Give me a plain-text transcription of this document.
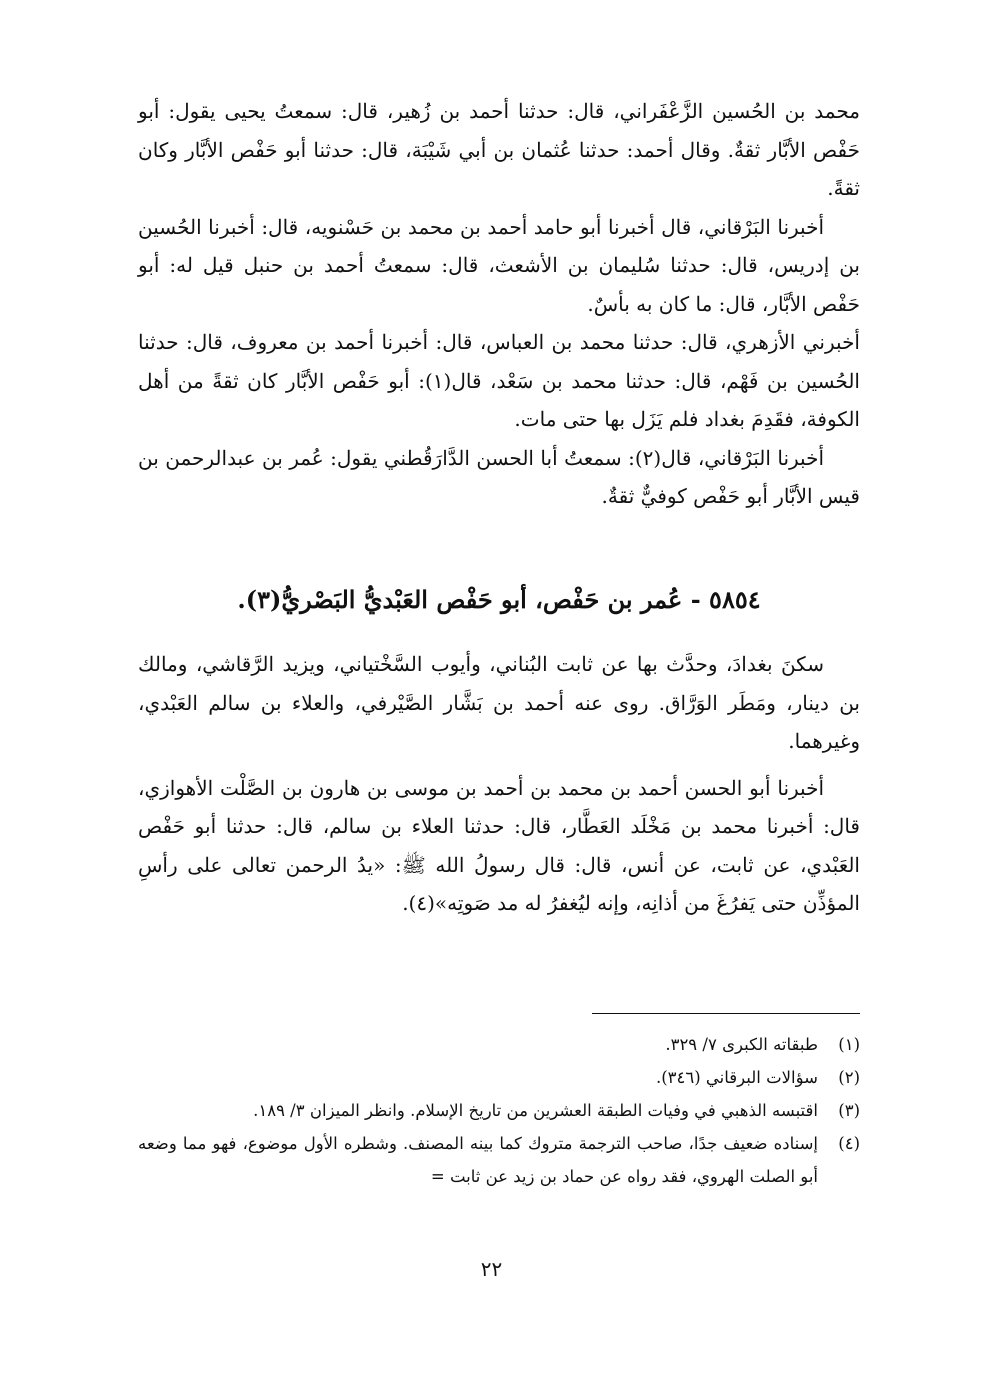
محمد بن الحُسين الزَّعْفَراني، قال: حدثنا أحمد بن زُهير، قال: سمعتُ يحيى يقول: أبو حَفْص الأبَّار ثقةٌ. وقال أحمد: حدثنا عُثمان بن أبي شَيْبَة، قال: حدثنا أبو حَفْص الأبَّار وكان ثقةً.

أخبرنا البَرْقاني، قال أخبرنا أبو حامد أحمد بن محمد بن حَسْنويه، قال: أخبرنا الحُسين بن إدريس، قال: حدثنا سُليمان بن الأشعث، قال: سمعتُ أحمد بن حنبل قيل له: أبو حَفْص الأبَّار، قال: ما كان به بأسٌ.

أخبرني الأزهري، قال: حدثنا محمد بن العباس، قال: أخبرنا أحمد بن معروف، قال: حدثنا الحُسين بن فَهْم، قال: حدثنا محمد بن سَعْد، قال(١): أبو حَفْص الأبَّار كان ثقةً من أهل الكوفة، فقَدِمَ بغداد فلم يَزَل بها حتى مات.

أخبرنا البَرْقاني، قال(٢): سمعتُ أبا الحسن الدَّارَقُطني يقول: عُمر بن عبدالرحمن بن قيس الأبَّار أبو حَفْص كوفيٌّ ثقةٌ.

٥٨٥٤ - عُمر بن حَفْص، أبو حَفْص العَبْديُّ البَصْريُّ(٣).

سكنَ بغدادَ، وحدَّث بها عن ثابت البُناني، وأيوب السَّخْتياني، ويزيد الرَّقاشي، ومالك بن دينار، ومَطَر الوَرَّاق. روى عنه أحمد بن بَشَّار الصَّيْرفي، والعلاء بن سالم العَبْدي، وغيرهما.

أخبرنا أبو الحسن أحمد بن محمد بن أحمد بن موسى بن هارون بن الصَّلْت الأهوازي، قال: أخبرنا محمد بن مَخْلَد العَطَّار، قال: حدثنا العلاء بن سالم، قال: حدثنا أبو حَفْص العَبْدي، عن ثابت، عن أنس، قال: قال رسولُ الله ﷺ: «يدُ الرحمن تعالى على رأسِ المؤذِّن حتى يَفرُغَ من أذانِه، وإنه ليُغفرُ له مد صَوتِه»(٤).

(١)
طبقاته الكبرى ٧/ ٣٢٩.
(٢)
سؤالات البرقاني (٣٤٦).
(٣)
اقتبسه الذهبي في وفيات الطبقة العشرين من تاريخ الإسلام. وانظر الميزان ٣/ ١٨٩.
(٤)
إسناده ضعيف جدًا، صاحب الترجمة متروك كما بينه المصنف. وشطره الأول موضوع، فهو مما وضعه أبو الصلت الهروي، فقد رواه عن حماد بن زيد عن ثابت =
٢٢
